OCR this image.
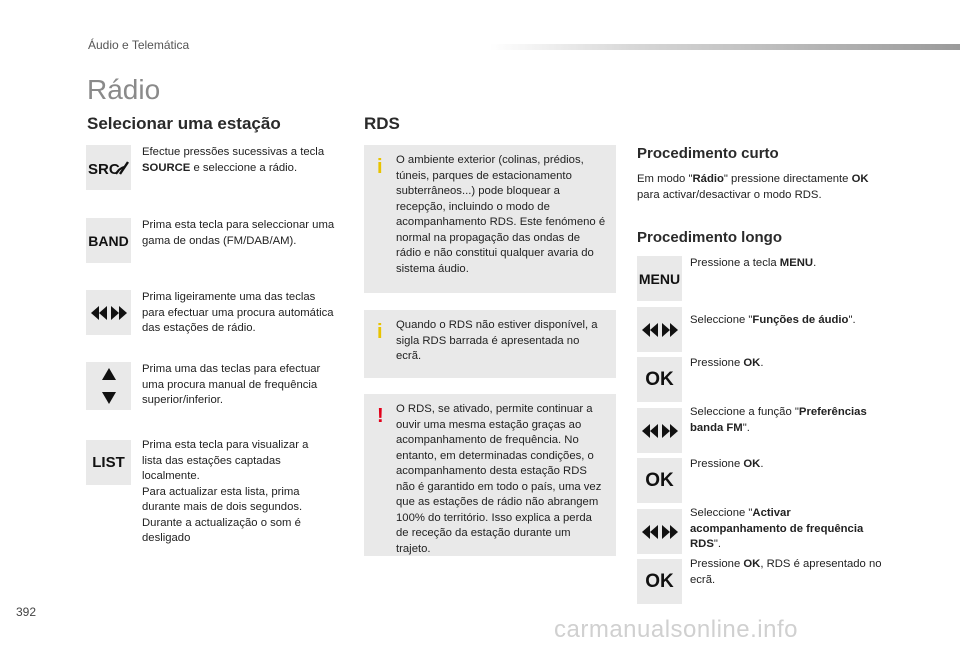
Áudio e Telemática
Rádio
Selecionar uma estação
SRC
Efectue pressões sucessivas a tecla SOURCE e seleccione a rádio.
BAND
Prima esta tecla para seleccionar uma gama de ondas (FM/DAB/AM).
Prima ligeiramente uma das teclas para efectuar uma procura automática das estações de rádio.
Prima uma das teclas para efectuar uma procura manual de frequência superior/inferior.
LIST
Prima esta tecla para visualizar a lista das estações captadas localmente.
Para actualizar esta lista, prima durante mais de dois segundos.
Durante a actualização o som é desligado
RDS
i O ambiente exterior (colinas, prédios, túneis, parques de estacionamento subterrâneos...) pode bloquear a recepção, incluindo o modo de acompanhamento RDS. Este fenómeno é normal na propagação das ondas de rádio e não constitui qualquer avaria do sistema áudio.
i Quando o RDS não estiver disponível, a sigla RDS barrada é apresentada no ecrã.
! O RDS, se ativado, permite continuar a ouvir uma mesma estação graças ao acompanhamento de frequência. No entanto, em determinadas condições, o acompanhamento desta estação RDS não é garantido em todo o país, uma vez que as estações de rádio não abrangem 100% do território. Isso explica a perda de receção da estação durante um trajeto.
Procedimento curto
Em modo "Rádio" pressione directamente OK para activar/desactivar o modo RDS.
Procedimento longo
MENU
Pressione a tecla MENU.
Seleccione "Funções de áudio".
OK
Pressione OK.
Seleccione a função "Preferências banda FM".
OK
Pressione OK.
Seleccione "Activar acompanhamento de frequência RDS".
OK
Pressione OK, RDS é apresentado no ecrã.
392
carmanualsonline.info
